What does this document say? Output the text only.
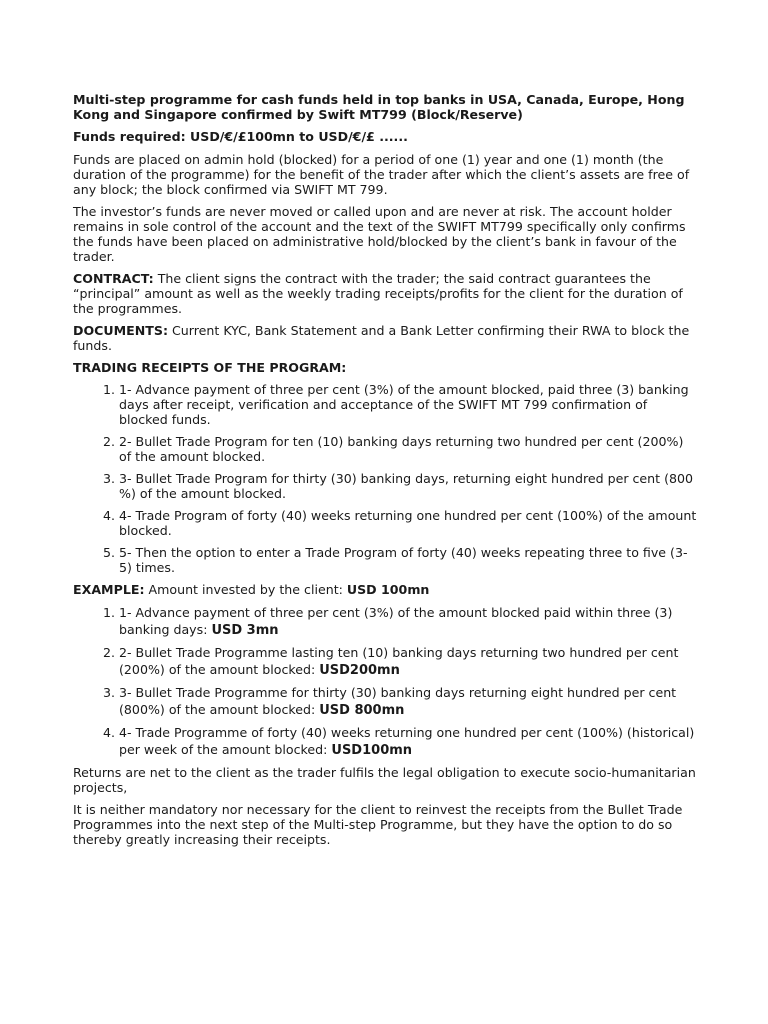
Multi-step programme for cash funds held in top banks in USA, Canada, Europe, Hong Kong and Singapore confirmed by Swift MT799 (Block/Reserve)

Funds required: USD/€/£100mn to USD/€/£ ......

Funds are placed on admin hold (blocked) for a period of one (1) year and one (1) month (the duration of the programme) for the benefit of the trader after which the client’s assets are free of any block; the block confirmed via SWIFT MT 799.

The investor’s funds are never moved or called upon and are never at risk. The account holder remains in sole control of the account and the text of the SWIFT MT799 specifically only confirms the funds have been placed on administrative hold/blocked by the client’s bank in favour of the trader.

CONTRACT: The client signs the contract with the trader; the said contract guarantees the “principal” amount as well as the weekly trading receipts/profits for the client for the duration of the programmes.

DOCUMENTS: Current KYC, Bank Statement and a Bank Letter confirming their RWA to block the funds.

TRADING RECEIPTS OF THE PROGRAM:

1. 1- Advance payment of three per cent (3%) of the amount blocked, paid three (3) banking days after receipt, verification and acceptance of the SWIFT MT 799 confirmation of blocked funds.
2. 2- Bullet Trade Program for ten (10) banking days returning two hundred per cent (200%) of the amount blocked.
3. 3- Bullet Trade Program for thirty (30) banking days, returning eight hundred per cent (800 %) of the amount blocked.
4. 4- Trade Program of forty (40) weeks returning one hundred per cent (100%) of the amount blocked.
5. 5- Then the option to enter a Trade Program of forty (40) weeks repeating three to five (3-5) times.

EXAMPLE: Amount invested by the client: USD 100mn

1. 1- Advance payment of three per cent (3%) of the amount blocked paid within three (3) banking days: USD 3mn
2. 2- Bullet Trade Programme lasting ten (10) banking days returning two hundred per cent (200%) of the amount blocked: USD200mn
3. 3- Bullet Trade Programme for thirty (30) banking days returning eight hundred per cent (800%) of the amount blocked: USD 800mn
4. 4- Trade Programme of forty (40) weeks returning one hundred per cent (100%) (historical) per week of the amount blocked: USD100mn

Returns are net to the client as the trader fulfils the legal obligation to execute socio-humanitarian projects,

It is neither mandatory nor necessary for the client to reinvest the receipts from the Bullet Trade Programmes into the next step of the Multi-step Programme, but they have the option to do so thereby greatly increasing their receipts.
